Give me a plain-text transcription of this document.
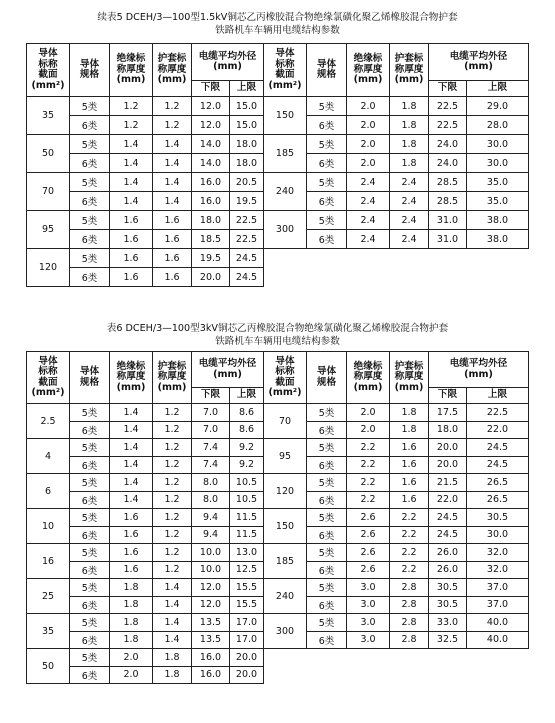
续表5 DCEH/3—100型1.5kV铜芯乙丙橡胶混合物绝缘氯磺化聚乙烯橡胶混合物护套
铁路机车车辆用电缆结构参数
导体
标称
截面
(mm²)	导体
规格	绝缘标
称厚度
(mm)	护套标
称厚度
(mm)	电缆平均外径
(mm)		导体
标称
截面
(mm²)	导体
规格	绝缘标
称厚度
(mm)	护套标
称厚度
(mm)	电缆平均外径
(mm)	
				下限	上限					下限	上限
35	5类	1.2	1.2	12.0	15.0	150	5类	2.0	1.8	22.5	29.0
	6类	1.2	1.2	12.0	15.0		6类	2.0	1.8	22.5	28.0
50	5类	1.4	1.4	14.0	18.0	185	5类	2.0	1.8	24.0	30.0
	6类	1.4	1.4	14.0	18.0		6类	2.0	1.8	24.0	30.0
70	5类	1.4	1.4	16.0	20.5	240	5类	2.4	2.4	28.5	35.0
	6类	1.4	1.4	16.0	19.5		6类	2.4	2.4	28.5	35.0
95	5类	1.6	1.6	18.0	22.5	300	5类	2.4	2.4	31.0	38.0
	6类	1.6	1.6	18.5	22.5		6类	2.4	2.4	31.0	38.0
120	5类	1.6	1.6	19.5	24.5						
	6类	1.6	1.6	20.0	24.5						
表6 DCEH/3—100型3kV铜芯乙丙橡胶混合物绝缘氯磺化聚乙烯橡胶混合物护套
铁路机车车辆用电缆结构参数
导体
标称
截面
(mm²)	导体
规格	绝缘标
称厚度
(mm)	护套标
称厚度
(mm)	电缆平均外径
(mm)		导体
标称
截面
(mm²)	导体
规格	绝缘标
称厚度
(mm)	护套标
称厚度
(mm)	电缆平均外径
(mm)	
				下限	上限					下限	上限
2.5	5类	1.4	1.2	7.0	8.6	70	5类	2.0	1.8	17.5	22.5
	6类	1.4	1.2	7.0	8.6		6类	2.0	1.8	18.0	22.0
4	5类	1.4	1.2	7.4	9.2	95	5类	2.2	1.6	20.0	24.5
	6类	1.4	1.2	7.4	9.2		6类	2.2	1.6	20.0	24.5
6	5类	1.4	1.2	8.0	10.5	120	5类	2.2	1.6	21.5	26.5
	6类	1.4	1.2	8.0	10.5		6类	2.2	1.6	22.0	26.5
10	5类	1.6	1.2	9.4	11.5	150	5类	2.6	2.2	24.5	30.5
	6类	1.6	1.2	9.4	11.5		6类	2.6	2.2	24.5	30.0
16	5类	1.6	1.2	10.0	13.0	185	5类	2.6	2.2	26.0	32.0
	6类	1.6	1.2	10.0	12.5		6类	2.6	2.2	26.0	32.0
25	5类	1.8	1.4	12.0	15.5	240	5类	3.0	2.8	30.5	37.0
	6类	1.8	1.4	12.0	15.5		6类	3.0	2.8	30.5	37.0
35	5类	1.8	1.4	13.5	17.0	300	5类	3.0	2.8	33.0	40.0
	6类	1.8	1.4	13.5	17.0		6类	3.0	2.8	32.5	40.0
50	5类	2.0	1.8	16.0	20.0						
	6类	2.0	1.8	16.0	20.0						
